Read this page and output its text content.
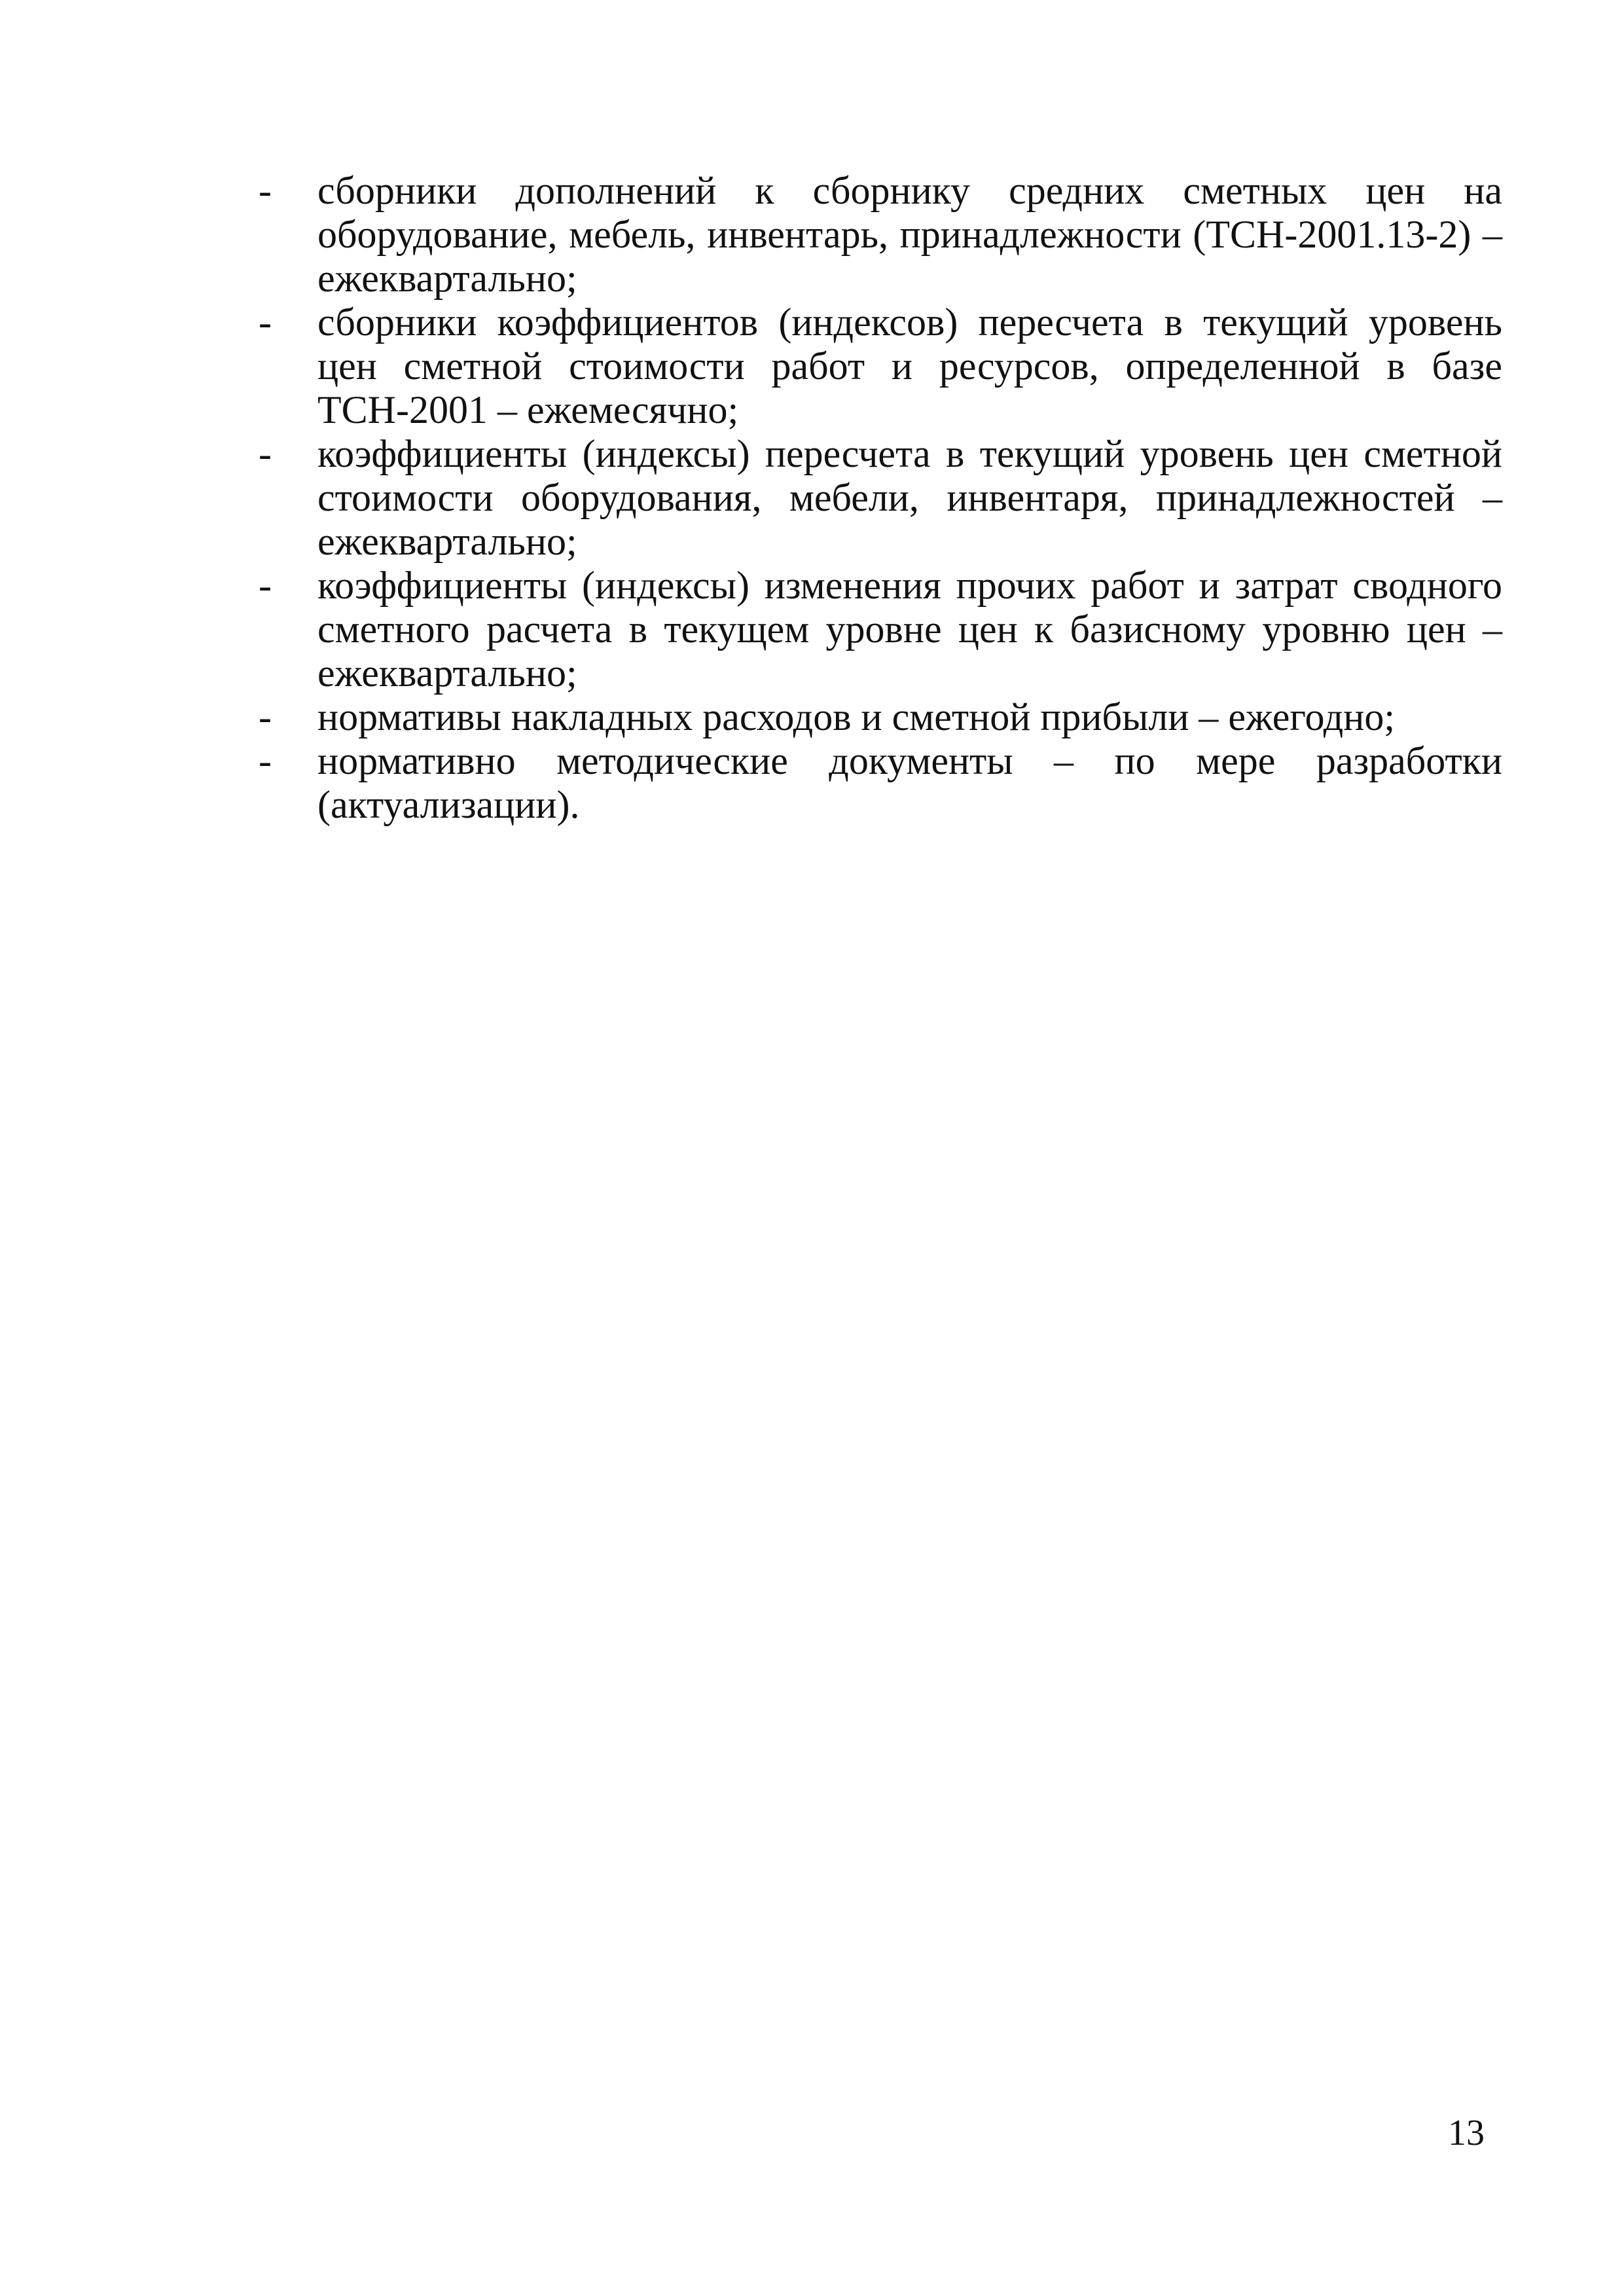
-	сборники дополнений к сборнику средних сметных цен на оборудование, мебель, инвентарь, принадлежности (ТСН-2001.13-2) – ежеквартально;
-	сборники коэффициентов (индексов) пересчета в текущий уровень цен сметной стоимости работ и ресурсов, определенной в базе ТСН-2001 – ежемесячно;
-	коэффициенты (индексы) пересчета в текущий уровень цен сметной стоимости оборудования, мебели, инвентаря, принадлежностей – ежеквартально;
-	коэффициенты (индексы) изменения прочих работ и затрат сводного сметного расчета в текущем уровне цен к базисному уровню цен – ежеквартально;
-	нормативы накладных расходов и сметной прибыли – ежегодно;
-	нормативно методические документы – по мере разработки (актуализации).
13
